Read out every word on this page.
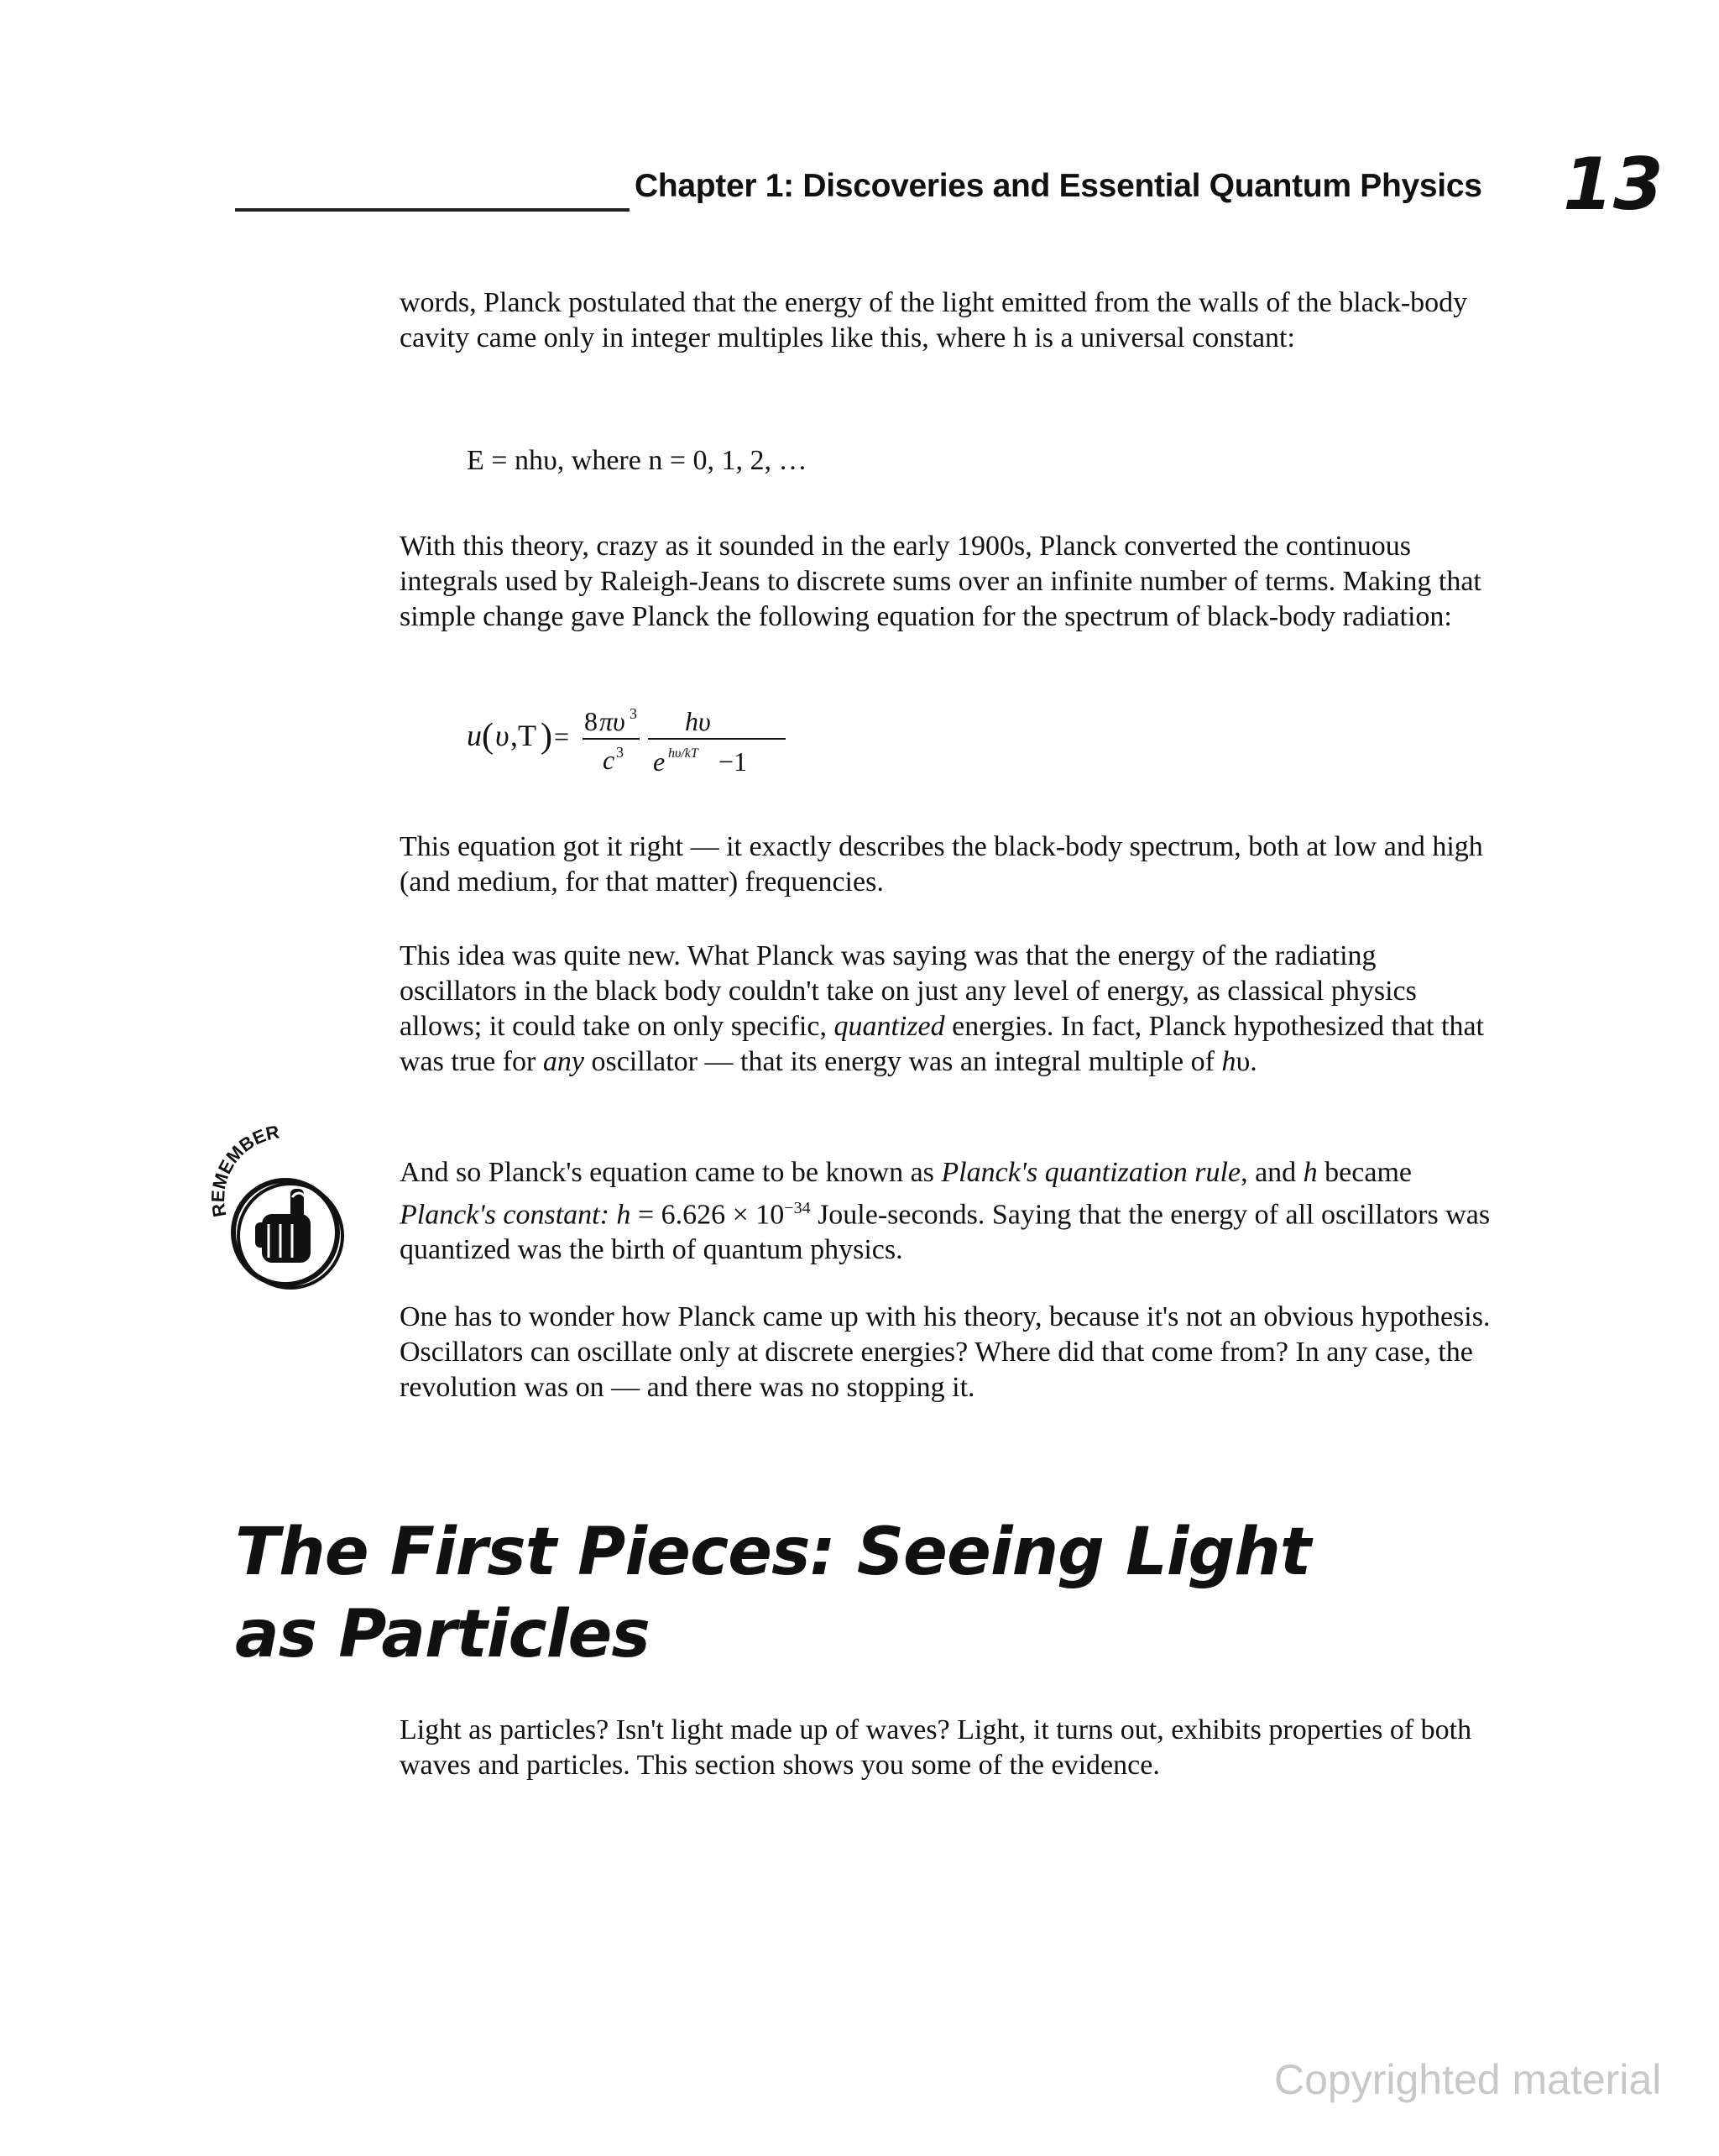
Chapter 1: Discoveries and Essential Quantum Physics 13

words, Planck postulated that the energy of the light emitted from the walls of the black-body cavity came only in integer multiples like this, where h is a universal constant:

E = nhυ, where n = 0, 1, 2, …

With this theory, crazy as it sounded in the early 1900s, Planck converted the continuous integrals used by Raleigh-Jeans to discrete sums over an infinite number of terms. Making that simple change gave Planck the following equation for the spectrum of black-body radiation:

u ( υ ,T ) = 8 πυ 3
c 3
hυ
e hυ/kT −1

This equation got it right — it exactly describes the black-body spectrum, both at low and high (and medium, for that matter) frequencies.

This idea was quite new. What Planck was saying was that the energy of the radiating oscillators in the black body couldn't take on just any level of energy, as classical physics allows; it could take on only specific, quantized energies. In fact, Planck hypothesized that that was true for any oscillator — that its energy was an integral multiple of hυ.

REMEMBER

And so Planck's equation came to be known as Planck's quantization rule, and h became Planck's constant: $h = 6.626 \times 10^{-34}$ Joule-seconds. Saying that the energy of all oscillators was quantized was the birth of quantum physics.

One has to wonder how Planck came up with his theory, because it's not an obvious hypothesis. Oscillators can oscillate only at discrete energies? Where did that come from? In any case, the revolution was on — and there was no stopping it.

The First Pieces: Seeing Light
as Particles

Light as particles? Isn't light made up of waves? Light, it turns out, exhibits properties of both waves and particles. This section shows you some of the evidence.

Copyrighted material
